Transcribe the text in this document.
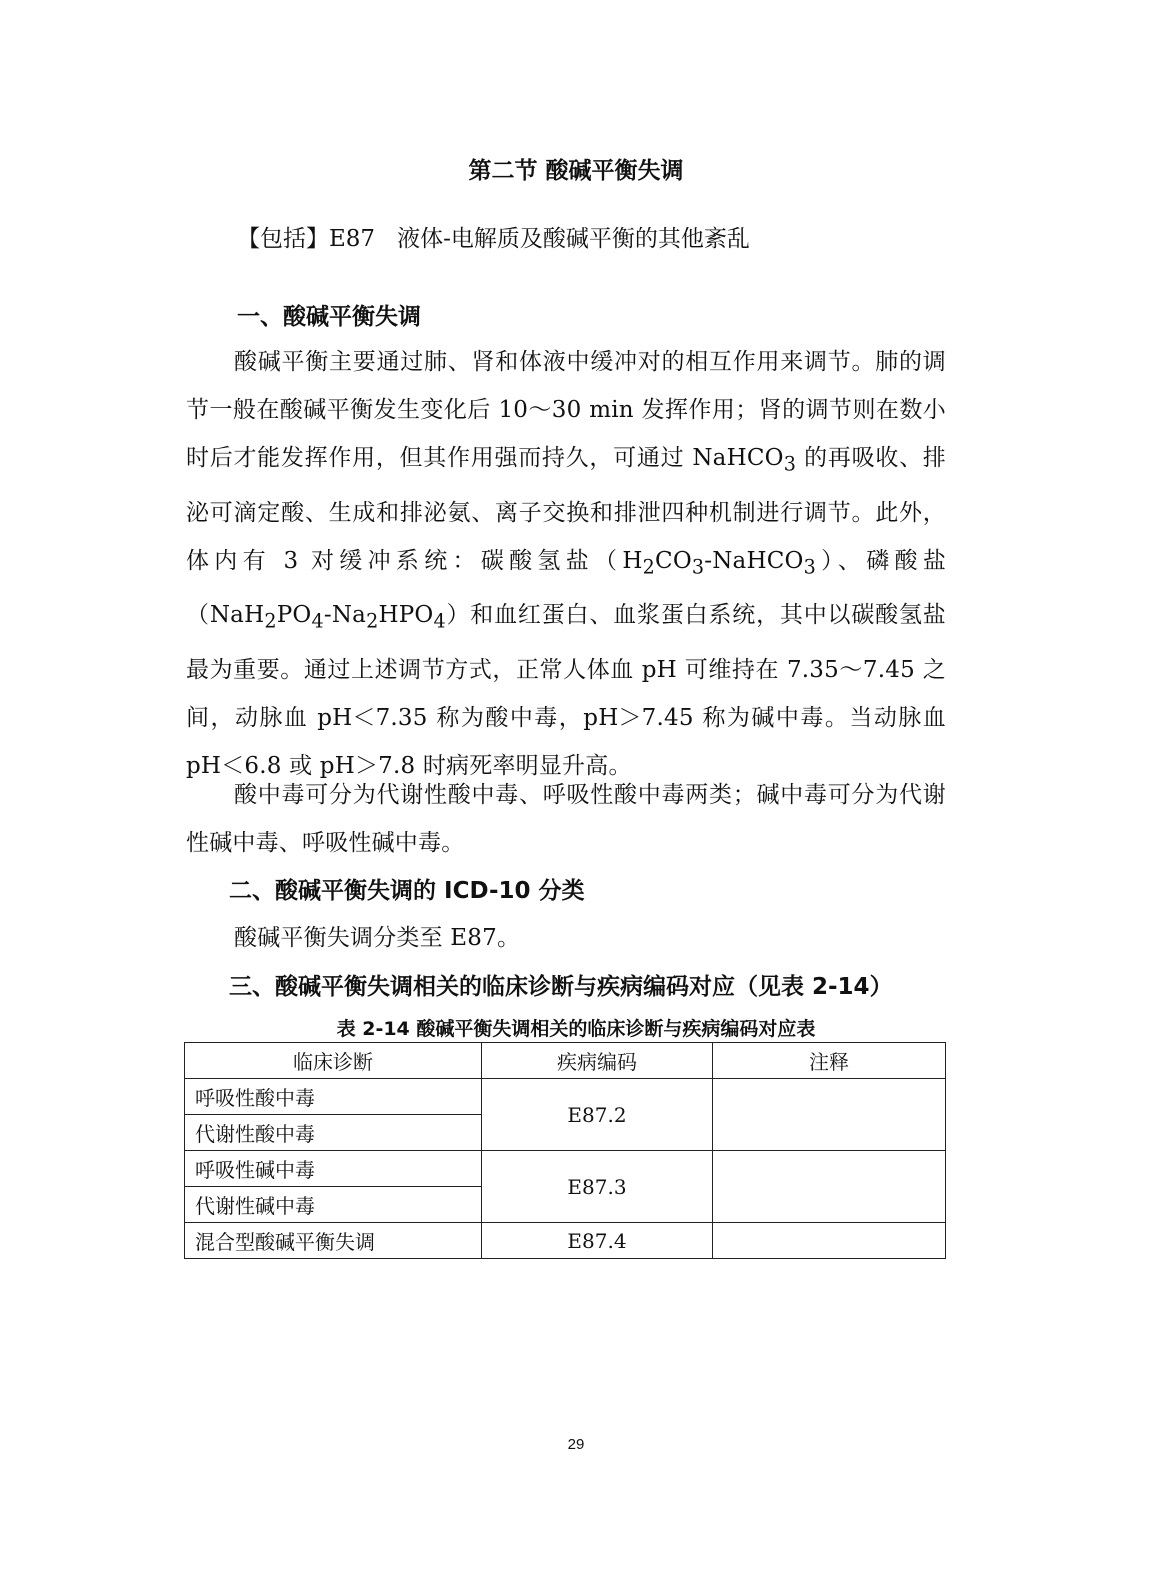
第二节 酸碱平衡失调
【包括】E87 液体-电解质及酸碱平衡的其他紊乱
一、酸碱平衡失调

酸碱平衡主要通过肺、肾和体液中缓冲对的相互作用来调节。肺的调节一般在酸碱平衡发生变化后 10～30 min 发挥作用；肾的调节则在数小时后才能发挥作用，但其作用强而持久，可通过 NaHCO$_3$ 的再吸收、排泌可滴定酸、生成和排泌氨、离子交换和排泄四种机制进行调节。此外，体内有 3 对缓冲系统：碳酸氢盐$(H_2CO_3-NaHCO_3)$、磷酸盐$(NaH_2PO_4-Na_2HPO_4)$和血红蛋白、血浆蛋白系统，其中以碳酸氢盐最为重要。通过上述调节方式，正常人体血 pH 可维持在 7.35～7.45 之间，动脉血 pH＜7.35 称为酸中毒，pH＞7.45 称为碱中毒。当动脉血 pH＜6.8 或 pH＞7.8 时病死率明显升高。

酸中毒可分为代谢性酸中毒、呼吸性酸中毒两类；碱中毒可分为代谢性碱中毒、呼吸性碱中毒。

二、酸碱平衡失调的 ICD-10 分类

酸碱平衡失调分类至 E87。

三、酸碱平衡失调相关的临床诊断与疾病编码对应（见表 2-14）

表 2-14 酸碱平衡失调相关的临床诊断与疾病编码对应表

临床诊断	疾病编码	注释
呼吸性酸中毒	E87.2	
代谢性酸中毒		
呼吸性碱中毒	E87.3	
代谢性碱中毒		
混合型酸碱平衡失调	E87.4	
29
